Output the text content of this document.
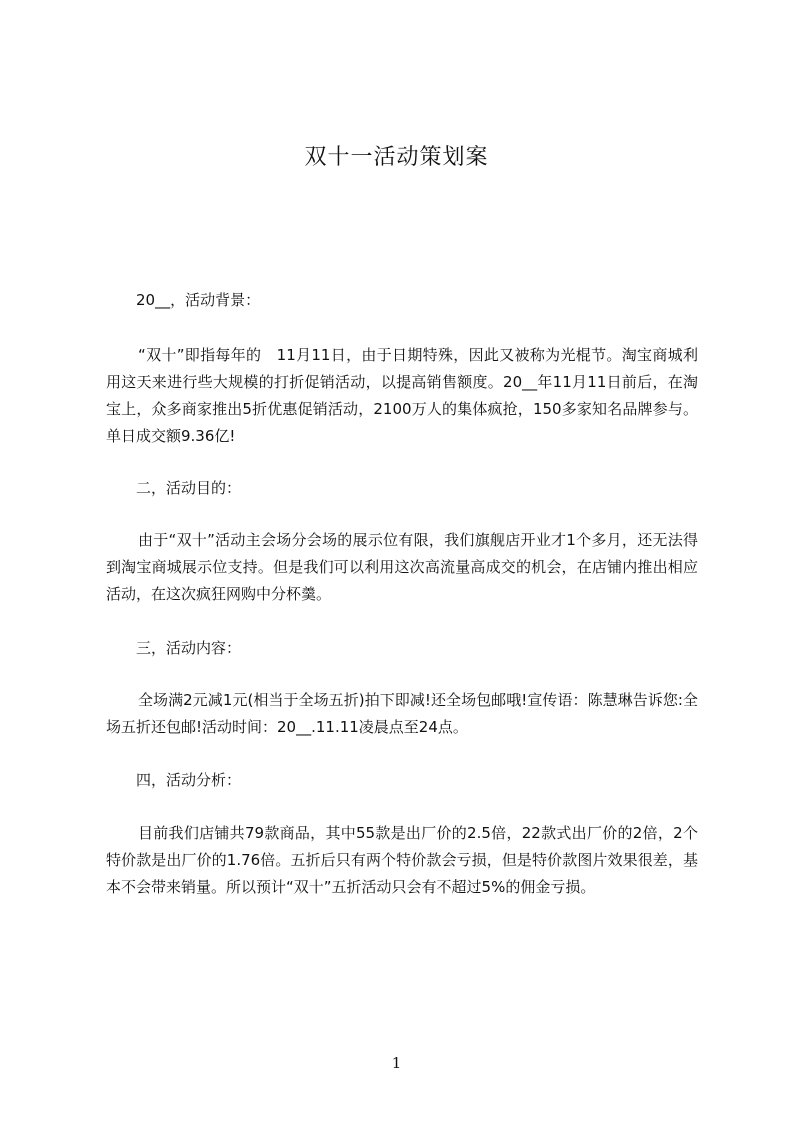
双十一活动策划案
20__，活动背景：

“双十”即指每年的　11月11日，由于日期特殊，因此又被称为光棍节。淘宝商城利用这天来进行些大规模的打折促销活动，以提高销售额度。20__年11月11日前后，在淘宝上，众多商家推出5折优惠促销活动，2100万人的集体疯抢，150多家知名品牌参与。单日成交额9.36亿!

二，活动目的：

由于“双十”活动主会场分会场的展示位有限，我们旗舰店开业才1个多月，还无法得到淘宝商城展示位支持。但是我们可以利用这次高流量高成交的机会，在店铺内推出相应活动，在这次疯狂网购中分杯羹。

三，活动内容：

全场满2元减1元(相当于全场五折)拍下即减!还全场包邮哦!宣传语：陈慧琳告诉您:全场五折还包邮!活动时间：20__.11.11凌晨点至24点。

四，活动分析：

目前我们店铺共79款商品，其中55款是出厂价的2.5倍，22款式出厂价的2倍，2个特价款是出厂价的1.76倍。五折后只有两个特价款会亏损，但是特价款图片效果很差，基本不会带来销量。所以预计“双十”五折活动只会有不超过5%的佣金亏损。

1
